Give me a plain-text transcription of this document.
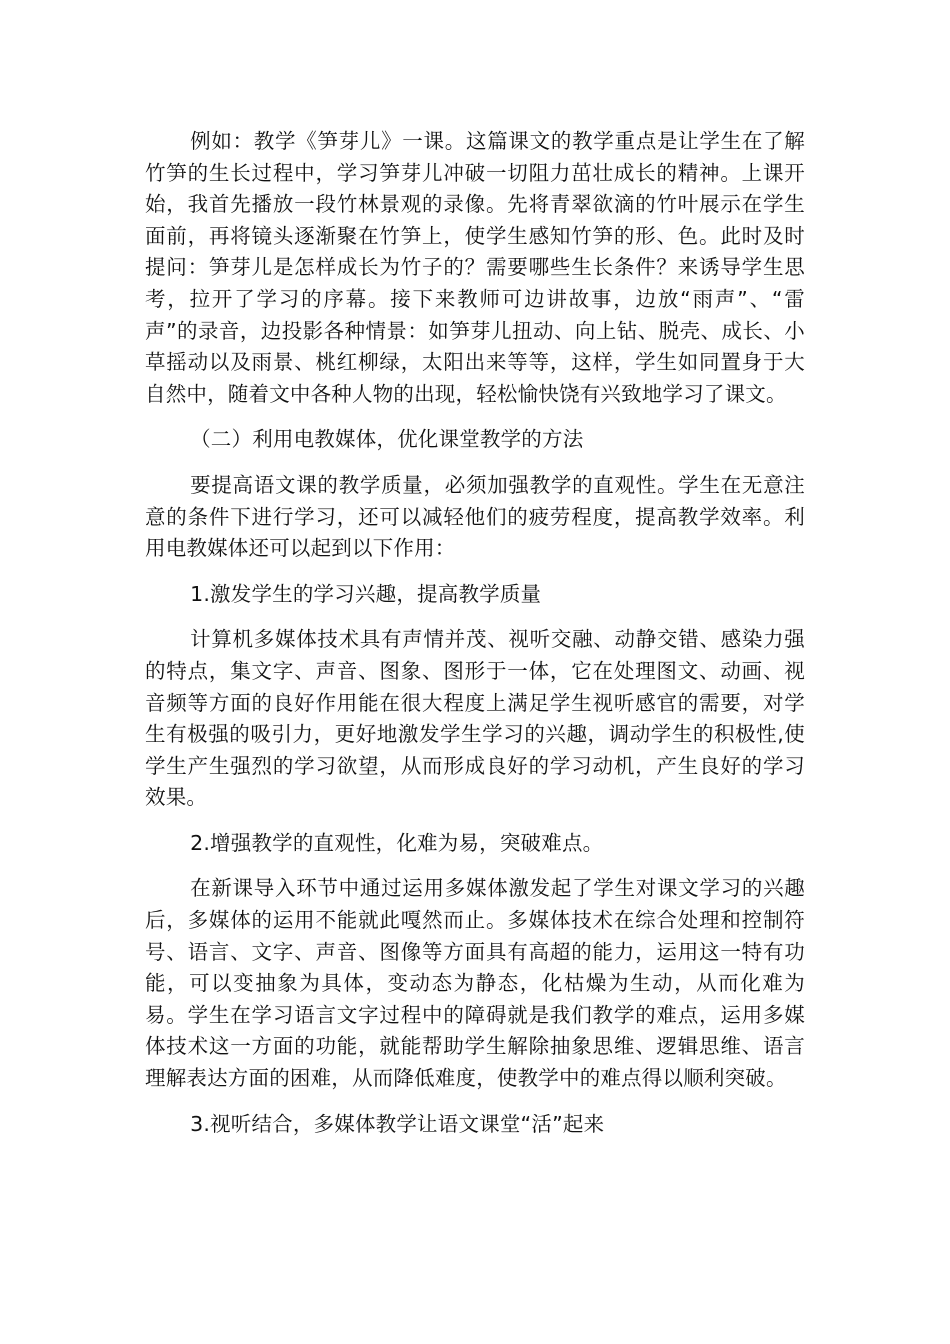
例如：教学《笋芽儿》一课。这篇课文的教学重点是让学生在了解竹笋的生长过程中，学习笋芽儿冲破一切阻力茁壮成长的精神。上课开始，我首先播放一段竹林景观的录像。先将青翠欲滴的竹叶展示在学生面前，再将镜头逐渐聚在竹笋上，使学生感知竹笋的形、色。此时及时提问：笋芽儿是怎样成长为竹子的？需要哪些生长条件？来诱导学生思考，拉开了学习的序幕。接下来教师可边讲故事，边放“雨声”、“雷声”的录音，边投影各种情景：如笋芽儿扭动、向上钻、脱壳、成长、小草摇动以及雨景、桃红柳绿，太阳出来等等，这样，学生如同置身于大自然中，随着文中各种人物的出现，轻松愉快饶有兴致地学习了课文。

（二）利用电教媒体，优化课堂教学的方法

要提高语文课的教学质量，必须加强教学的直观性。学生在无意注意的条件下进行学习，还可以减轻他们的疲劳程度，提高教学效率。利用电教媒体还可以起到以下作用：

1.激发学生的学习兴趣，提高教学质量

计算机多媒体技术具有声情并茂、视听交融、动静交错、感染力强的特点，集文字、声音、图象、图形于一体，它在处理图文、动画、视音频等方面的良好作用能在很大程度上满足学生视听感官的需要，对学生有极强的吸引力，更好地激发学生学习的兴趣，调动学生的积极性,使学生产生强烈的学习欲望，从而形成良好的学习动机，产生良好的学习效果。

2.增强教学的直观性，化难为易，突破难点。

在新课导入环节中通过运用多媒体激发起了学生对课文学习的兴趣后，多媒体的运用不能就此嘎然而止。多媒体技术在综合处理和控制符号、语言、文字、声音、图像等方面具有高超的能力，运用这一特有功能，可以变抽象为具体，变动态为静态，化枯燥为生动，从而化难为易。学生在学习语言文字过程中的障碍就是我们教学的难点，运用多媒体技术这一方面的功能，就能帮助学生解除抽象思维、逻辑思维、语言理解表达方面的困难，从而降低难度，使教学中的难点得以顺利突破。

3.视听结合，多媒体教学让语文课堂“活”起来
